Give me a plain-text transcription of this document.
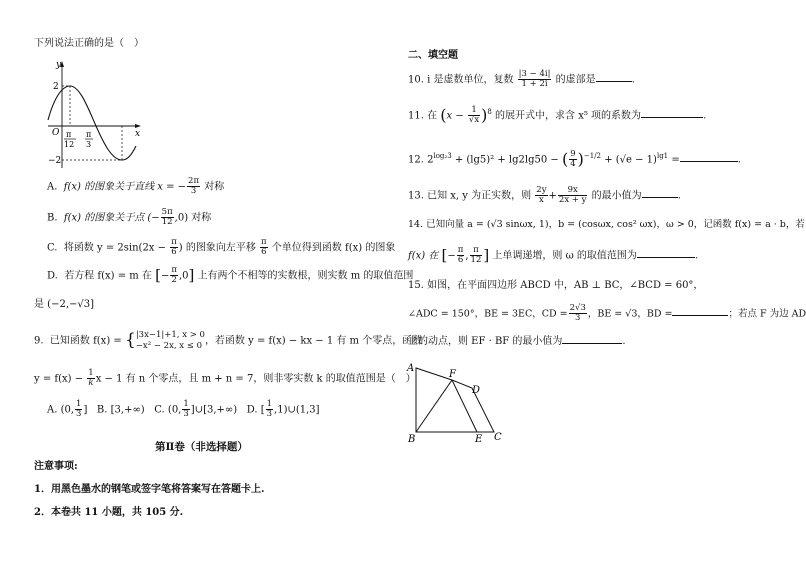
下列说法正确的是（　）
y
x
O
2
−2
π
12
π
3
A. f(x) 的图象关于直线 x = − $\frac{2\pi}{3}$ 对称
B. f(x) 的图象关于点 (− $\frac{5\pi}{12} ,0$) 对称
C. 将函数 $y = 2\sin(2x - \frac{\pi}{6}$ ) 的图象向左平移 $\frac{\pi}{6}$ 个单位得到函数 f(x) 的图象
D. 若方程 f(x) = m 在 [− $\frac{\pi}{2} ,0$] 上有两个不相等的实数根，则实数 m 的取值范围
是 (−2,−√3]
9. 已知函数 f(x) = { |3x−1|+1, x > 0
−x² − 2x, x ≤ 0 ，若函数 y = f(x) − kx − 1 有 m 个零点，函数
$y = f(x) - \frac{1}{k}$ x − 1 有 n 个零点，且 m + n = 7，则非零实数 k 的取值范围是（　）
A. (0, $\frac{1}{3}$ ] B. [3,+∞) C. (0, $\frac{1}{3}$ ]∪[3,+∞) D. [ $\frac{1}{3}$ ,1)∪(1,3]
第Ⅱ卷（非选择题）
注意事项:
1．用黑色墨水的钢笔或签字笔将答案写在答题卡上.
2．本卷共 11 小题，共 105 分.
二、填空题
10. i 是虚数单位，复数 $\frac{|3 - 4i|}{1 + 2i}$ 的虚部是	.
11. 在 $(x - \frac{1}{√x} )^8$ 的展开式中，求含 x⁵ 项的系数为	.
12. $2^{log_23} + (\lg 5)^2 + \lg 2\lg 50$ − ( $\frac{9}{4} )^{-1/2} + (√e - 1)^{lg1}$ =	.
13. 已知 x, y 为正实数，则 $\frac{2y}{x} + \frac{9x}{2x + y}$ 的最小值为	.
14. 已知向量 a = (√3 sinωx, 1)，b = (cosωx, cos² ωx)，ω > 0，记函数 f(x) = a · b，若
f(x) 在 [− $\frac{\pi}{6}$ , $\frac{\pi}{12}$ ] 上单调递增，则 ω 的取值范围为	.
15. 如图，在平面四边形 ABCD 中，AB ⊥ BC，∠BCD = 60°，
∠ADC = 150°，BE = 3EC，CD = $\frac{2√3}{3}$ ，BE = √3，BD =	；若点 F 为边 AD
上的动点，则 EF · BF 的最小值为	.
A
B	C
D
E
F
